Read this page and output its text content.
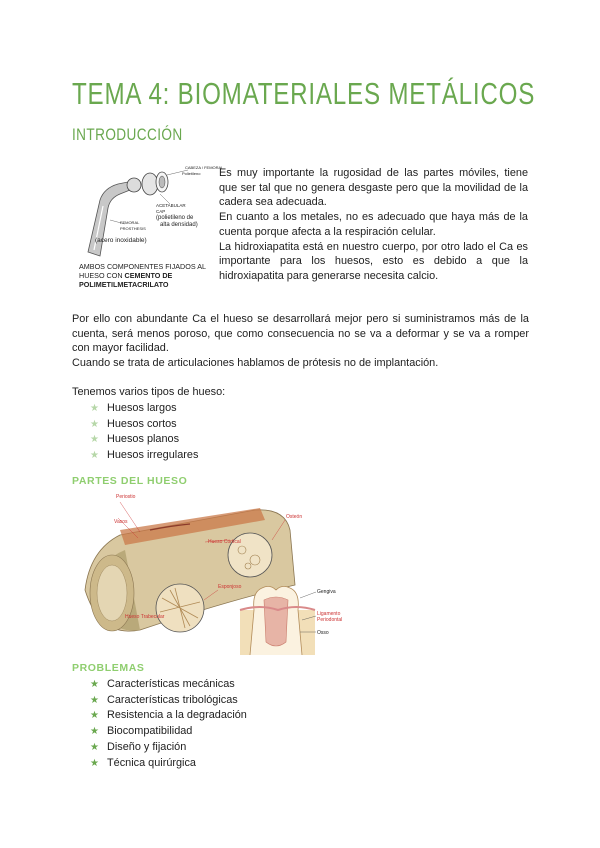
TEMA 4: BIOMATERIALES METÁLICOS
INTRODUCCIÓN
CABEZA / FEMORAL
Polietileno
ACETABULAR
CAP
(polietileno de
alta densidad)
FEMORAL
PROSTHESIS
(acero inoxidable)
AMBOS COMPONENTES FIJADOS AL
HUESO CON CEMENTO DE
POLIMETILMETACRILATO

Es muy importante la rugosidad de las partes móviles, tiene que ser tal que no genera desgaste pero que la movilidad de la cadera sea adecuada.

En cuanto a los metales, no es adecuado que haya más de la cuenta porque afecta a la respiración celular.

La hidroxiapatita está en nuestro cuerpo, por otro lado el Ca es importante para los huesos, esto es debido a que la hidroxiapatita para generarse necesita calcio.

Por ello con abundante Ca el hueso se desarrollará mejor pero si suministramos más de la cuenta, será menos poroso, que como consecuencia no se va a deformar y se va a romper con mayor facilidad.

Cuando se trata de articulaciones hablamos de prótesis no de implantación.

Tenemos varios tipos de hueso:
★ Huesos largos
★ Huesos cortos
★ Huesos planos
★ Huesos irregulares
PARTES DEL HUESO
Periostio
Vasos
Hueso Cortical
Osteón
Esponjoso
Hueso Trabecular
Gengiva
Ligamento
Periodontal
Osso
PROBLEMAS
★ Características mecánicas
★ Características tribológicas
★ Resistencia a la degradación
★ Biocompatibilidad
★ Diseño y fijación
★ Técnica quirúrgica
